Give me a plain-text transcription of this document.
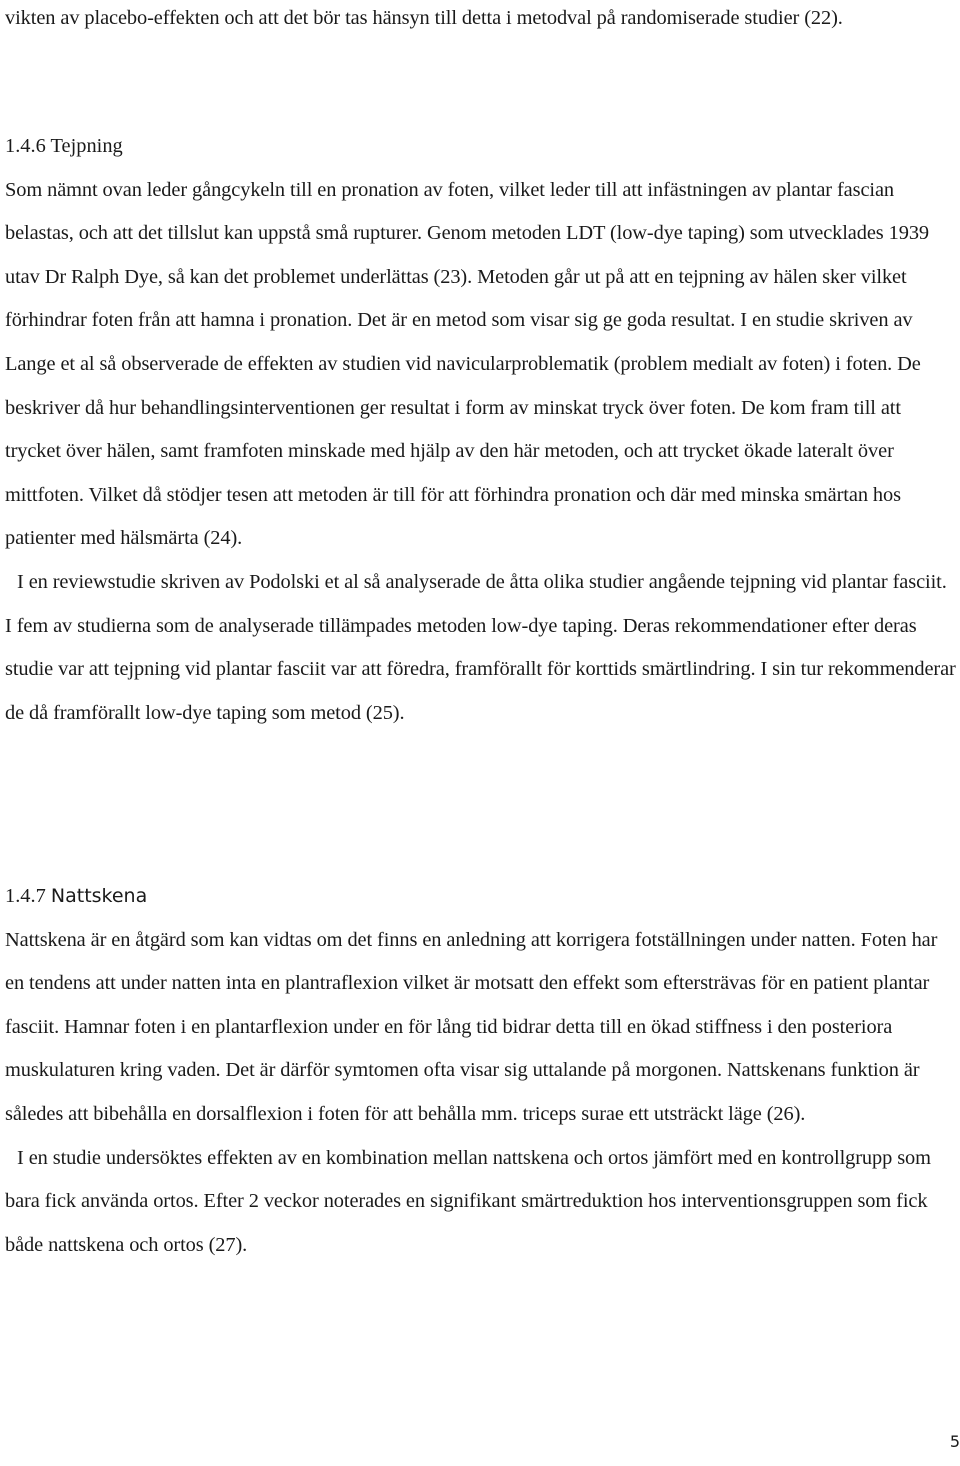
vikten av placebo-effekten och att det bör tas hänsyn till detta i metodval på randomiserade studier (22).

1.4.6 Tejpning

Som nämnt ovan leder gångcykeln till en pronation av foten, vilket leder till att infästningen av plantar fascian belastas, och att det tillslut kan uppstå små rupturer. Genom metoden LDT (low-dye taping) som utvecklades 1939 utav Dr Ralph Dye, så kan det problemet underlättas (23). Metoden går ut på att en tejpning av hälen sker vilket förhindrar foten från att hamna i pronation. Det är en metod som visar sig ge goda resultat. I en studie skriven av Lange et al så observerade de effekten av studien vid navicularproblematik (problem medialt av foten) i foten. De beskriver då hur behandlingsinterventionen ger resultat i form av minskat tryck över foten. De kom fram till att trycket över hälen, samt framfoten minskade med hjälp av den här metoden, och att trycket ökade lateralt över mittfoten. Vilket då stödjer tesen att metoden är till för att förhindra pronation och där med minska smärtan hos patienter med hälsmärta (24).

I en reviewstudie skriven av Podolski et al så analyserade de åtta olika studier angående tejpning vid plantar fasciit. I fem av studierna som de analyserade tillämpades metoden low-dye taping. Deras rekommendationer efter deras studie var att tejpning vid plantar fasciit var att föredra, framförallt för korttids smärtlindring. I sin tur rekommenderar de då framförallt low-dye taping som metod (25).

1.4.7 Nattskena

Nattskena är en åtgärd som kan vidtas om det finns en anledning att korrigera fotställningen under natten. Foten har en tendens att under natten inta en plantraflexion vilket är motsatt den effekt som eftersträvas för en patient plantar fasciit. Hamnar foten i en plantarflexion under en för lång tid bidrar detta till en ökad stiffness i den posteriora muskulaturen kring vaden. Det är därför symtomen ofta visar sig uttalande på morgonen. Nattskenans funktion är således att bibehålla en dorsalflexion i foten för att behålla mm. triceps surae ett utsträckt läge (26).

I en studie undersöktes effekten av en kombination mellan nattskena och ortos jämfört med en kontrollgrupp som bara fick använda ortos. Efter 2 veckor noterades en signifikant smärtreduktion hos interventionsgruppen som fick både nattskena och ortos (27).

5
